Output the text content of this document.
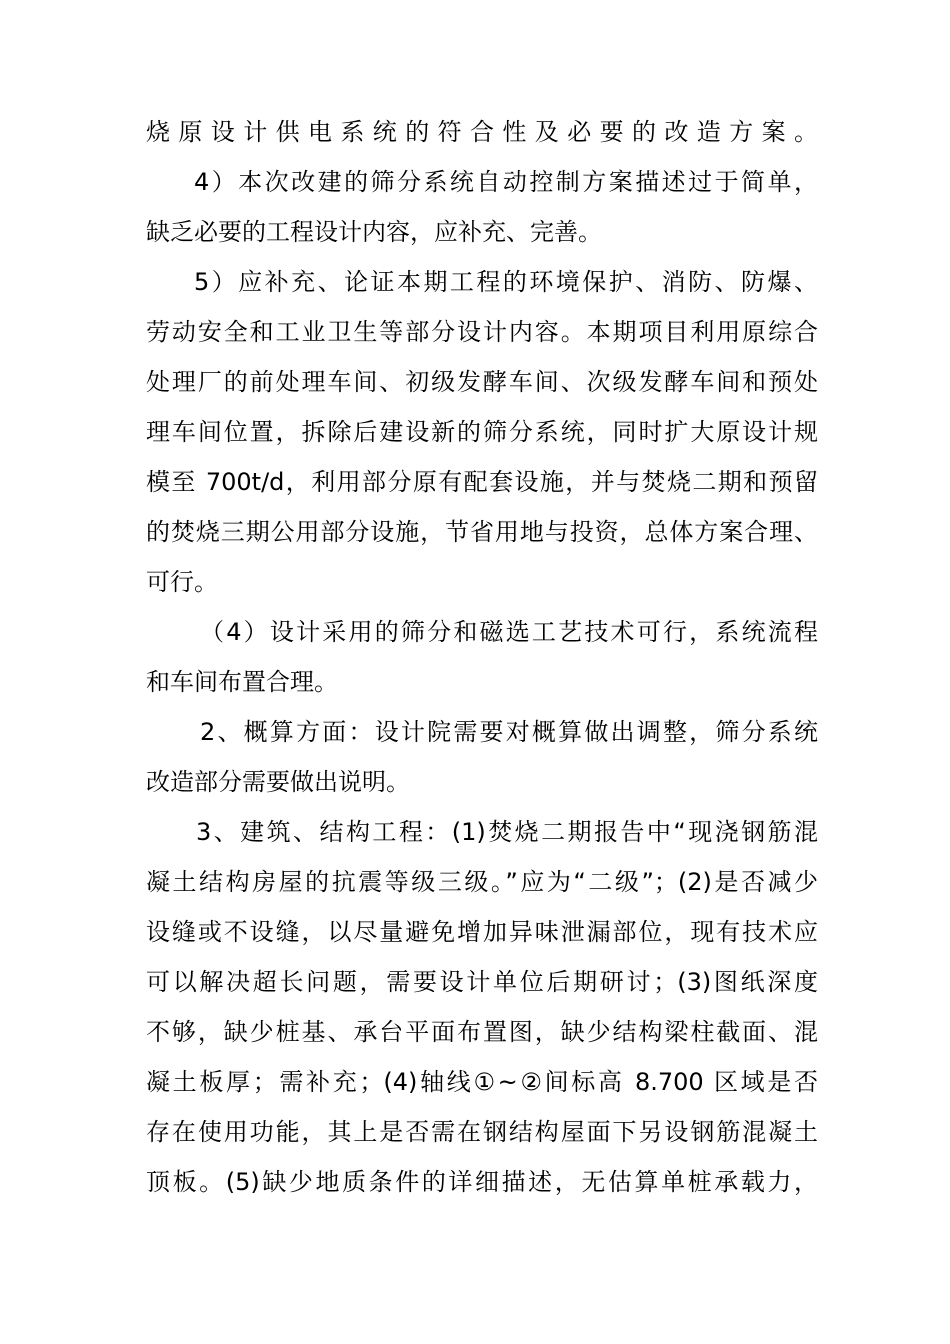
烧原设计供电系统的符合性及必要的改造方案。
4）本次改建的筛分系统自动控制方案描述过于简单，
缺乏必要的工程设计内容，应补充、完善。
5）应补充、论证本期工程的环境保护、消防、防爆、
劳动安全和工业卫生等部分设计内容。本期项目利用原综合
处理厂的前处理车间、初级发酵车间、次级发酵车间和预处
理车间位置，拆除后建设新的筛分系统，同时扩大原设计规
模至 700t/d，利用部分原有配套设施，并与焚烧二期和预留
的焚烧三期公用部分设施，节省用地与投资，总体方案合理、
可行。
（4）设计采用的筛分和磁选工艺技术可行，系统流程
和车间布置合理。
2、概算方面：设计院需要对概算做出调整，筛分系统
改造部分需要做出说明。
3、建筑、结构工程：(1)焚烧二期报告中“现浇钢筋混
凝土结构房屋的抗震等级三级。”应为“二级”；(2)是否减少
设缝或不设缝，以尽量避免增加异味泄漏部位，现有技术应
可以解决超长问题，需要设计单位后期研讨；(3)图纸深度
不够，缺少桩基、承台平面布置图，缺少结构梁柱截面、混
凝土板厚；需补充；(4)轴线①~②间标高 8.700 区域是否
存在使用功能，其上是否需在钢结构屋面下另设钢筋混凝土
顶板。(5)缺少地质条件的详细描述，无估算单桩承载力，
